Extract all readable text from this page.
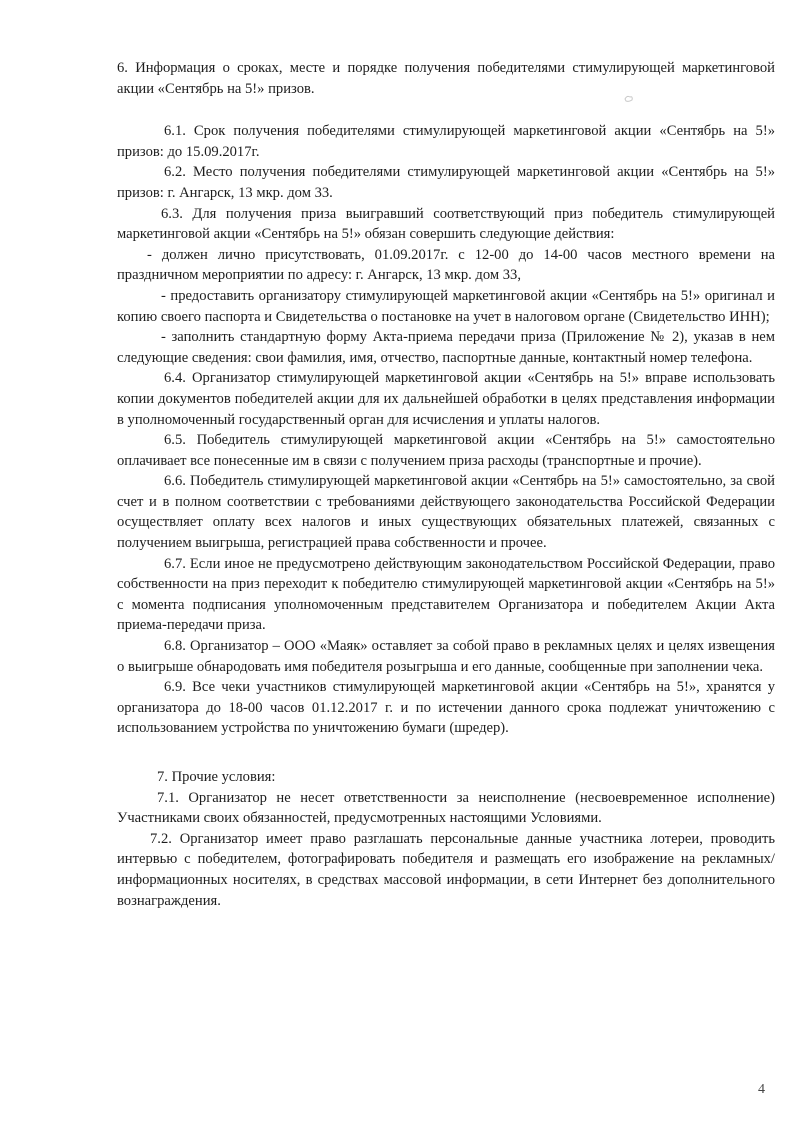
6. Информация о сроках, месте и порядке получения победителями стимулирующей маркетинговой акции «Сентябрь на 5!» призов.

6.1. Срок получения победителями стимулирующей маркетинговой акции «Сентябрь на 5!» призов: до 15.09.2017г.

6.2. Место получения победителями стимулирующей маркетинговой акции «Сентябрь на 5!» призов: г. Ангарск, 13 мкр. дом 33.

6.3. Для получения приза выигравший соответствующий приз победитель стимулирующей маркетинговой акции «Сентябрь на 5!» обязан совершить следующие действия:

- должен лично присутствовать, 01.09.2017г. с 12-00 до 14-00 часов местного времени на праздничном мероприятии по адресу: г. Ангарск, 13 мкр. дом 33,

- предоставить организатору стимулирующей маркетинговой акции «Сентябрь на 5!» оригинал и копию своего паспорта и Свидетельства о постановке на учет в налоговом органе (Свидетельство ИНН);

- заполнить стандартную форму Акта-приема передачи приза (Приложение № 2), указав в нем следующие сведения: свои фамилия, имя, отчество, паспортные данные, контактный номер телефона.

6.4. Организатор стимулирующей маркетинговой акции «Сентябрь на 5!» вправе использовать копии документов победителей акции для их дальнейшей обработки в целях представления информации в уполномоченный государственный орган для исчисления и уплаты налогов.

6.5. Победитель стимулирующей маркетинговой акции «Сентябрь на 5!» самостоятельно оплачивает все понесенные им в связи с получением приза расходы (транспортные и прочие).

6.6. Победитель стимулирующей маркетинговой акции «Сентябрь на 5!» самостоятельно, за свой счет и в полном соответствии с требованиями действующего законодательства Российской Федерации осуществляет оплату всех налогов и иных существующих обязательных платежей, связанных с получением выигрыша, регистрацией права собственности и прочее.

6.7. Если иное не предусмотрено действующим законодательством Российской Федерации, право собственности на приз переходит к победителю стимулирующей маркетинговой акции «Сентябрь на 5!» с момента подписания уполномоченным представителем Организатора и победителем Акции Акта приема-передачи приза.

6.8. Организатор – ООО «Маяк» оставляет за собой право в рекламных целях и целях извещения о выигрыше обнародовать имя победителя розыгрыша и его данные, сообщенные при заполнении чека.

6.9. Все чеки участников стимулирующей маркетинговой акции «Сентябрь на 5!», хранятся у организатора до 18-00 часов 01.12.2017 г. и по истечении данного срока подлежат уничтожению с использованием устройства по уничтожению бумаги (шредер).

7. Прочие условия:

7.1. Организатор не несет ответственности за неисполнение (несвоевременное исполнение) Участниками своих обязанностей, предусмотренных настоящими Условиями.

7.2. Организатор имеет право разглашать персональные данные участника лотереи, проводить интервью с победителем, фотографировать победителя и размещать его изображение на рекламных/информационных носителях, в средствах массовой информации, в сети Интернет без дополнительного вознаграждения.

4
